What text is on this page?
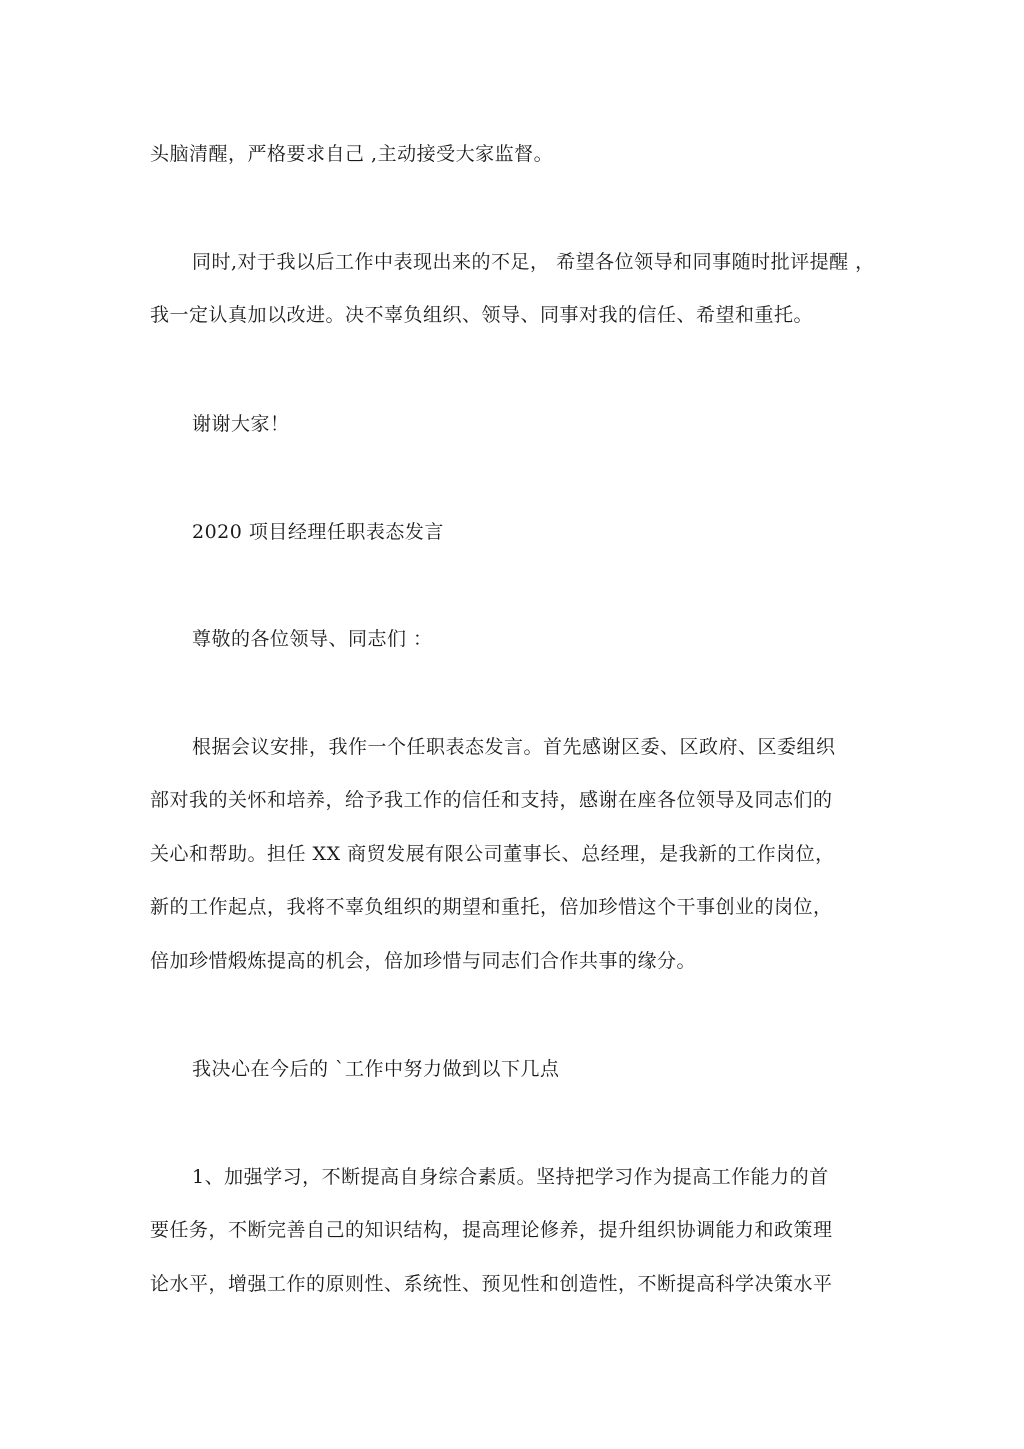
头脑清醒，严格要求自己 ,主动接受大家监督。
同时,对于我以后工作中表现出来的不足， 希望各位领导和同事随时批评提醒 ，
我一定认真加以改进。决不辜负组织、领导、同事对我的信任、希望和重托。
谢谢大家！
2020 项目经理任职表态发言
尊敬的各位领导、同志们 ：
根据会议安排，我作一个任职表态发言。首先感谢区委、区政府、区委组织
部对我的关怀和培养，给予我工作的信任和支持，感谢在座各位领导及同志们的
关心和帮助。担任 XX 商贸发展有限公司董事长、总经理，是我新的工作岗位，
新的工作起点，我将不辜负组织的期望和重托，倍加珍惜这个干事创业的岗位，
倍加珍惜煅炼提高的机会，倍加珍惜与同志们合作共事的缘分。
我决心在今后的 `工作中努力做到以下几点
1、加强学习，不断提高自身综合素质。坚持把学习作为提高工作能力的首
要任务，不断完善自己的知识结构，提高理论修养，提升组织协调能力和政策理
论水平，增强工作的原则性、系统性、预见性和创造性，不断提高科学决策水平
